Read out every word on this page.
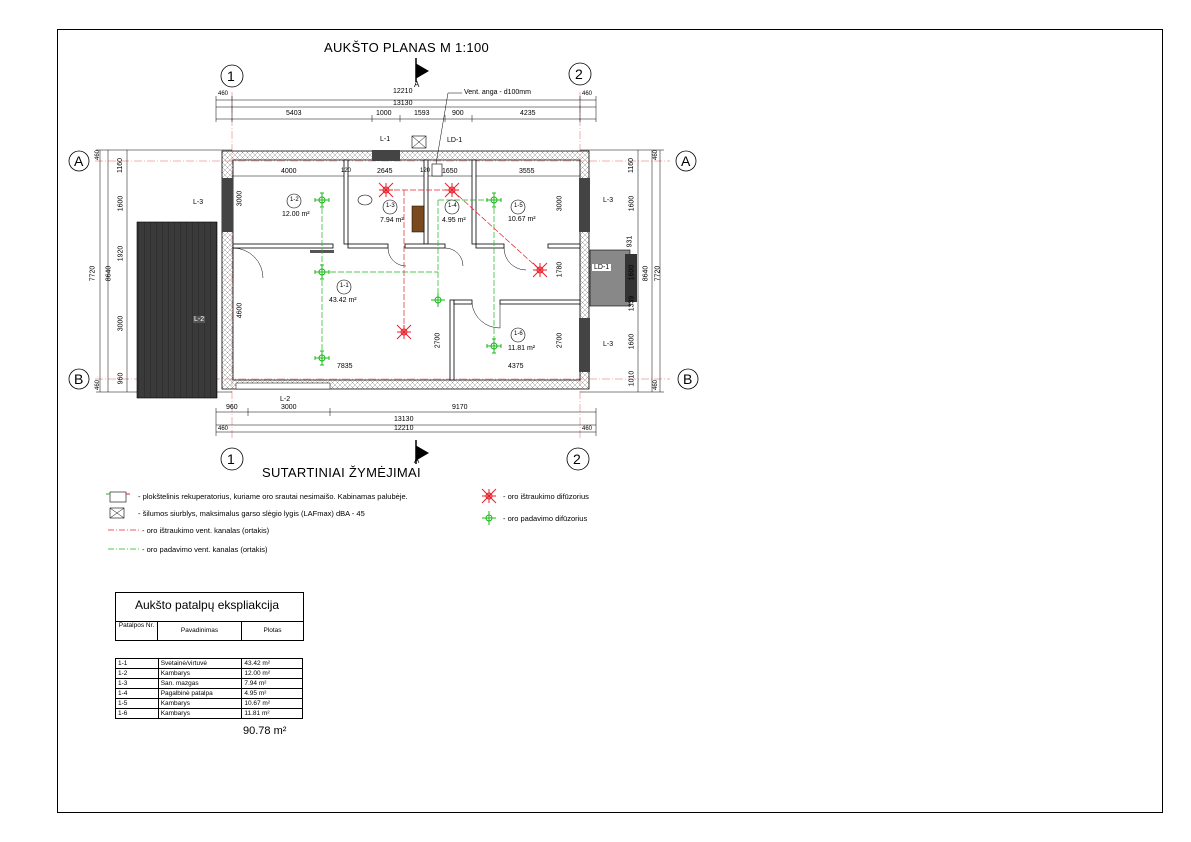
AUKŠTO PLANAS M 1:100
1	2
1	2
A
B
A
B
A
A
Vent. anga - d100mm
12210
13130
460	460
5403	1000	1593	900	4235
L-1	LD-1
4000	120	2645	120 1650	3555
1-2
12.00 m²
1-3
7.94 m²
1-4
4.95 m²
1-5
10.67 m²
1-1
43.42 m²
1-6
11.81 m²
3000
4600
2700	2700
3000
1780
7835	4375
L-3	L-3
L-3
L-2
L-2
LD-1
960	3000	9170
13130
12210
460	460
460
1160
1600
1920
3000
960
8640
7720
460
460
1160
1600
931
1600
1339
1600
1010
8640 7720
460
SUTARTINIAI ŽYMĖJIMAI
- plokštelinis rekuperatorius, kuriame oro srautai nesimaišo. Kabinamas palubėje.
- šilumos siurblys, maksimalus garso slėgio lygis (LAFmax) dBA - 45
- oro ištraukimo vent. kanalas (ortakis)
- oro padavimo vent. kanalas (ortakis)
- oro ištraukimo difūzorius
- oro padavimo difūzorius
Aukšto patalpų ekspliakcija
Patalpos Nr.
Pavadinimas	Plotas
1-1	Svetainė/virtuvė	43.42 m²
1-2	Kambarys	12.00 m²
1-3	San. mazgas	7.94 m²
1-4	Pagalbinė patalpa	4.95 m²
1-5	Kambarys	10.67 m²
1-6	Kambarys	11.81 m²
90.78 m²
